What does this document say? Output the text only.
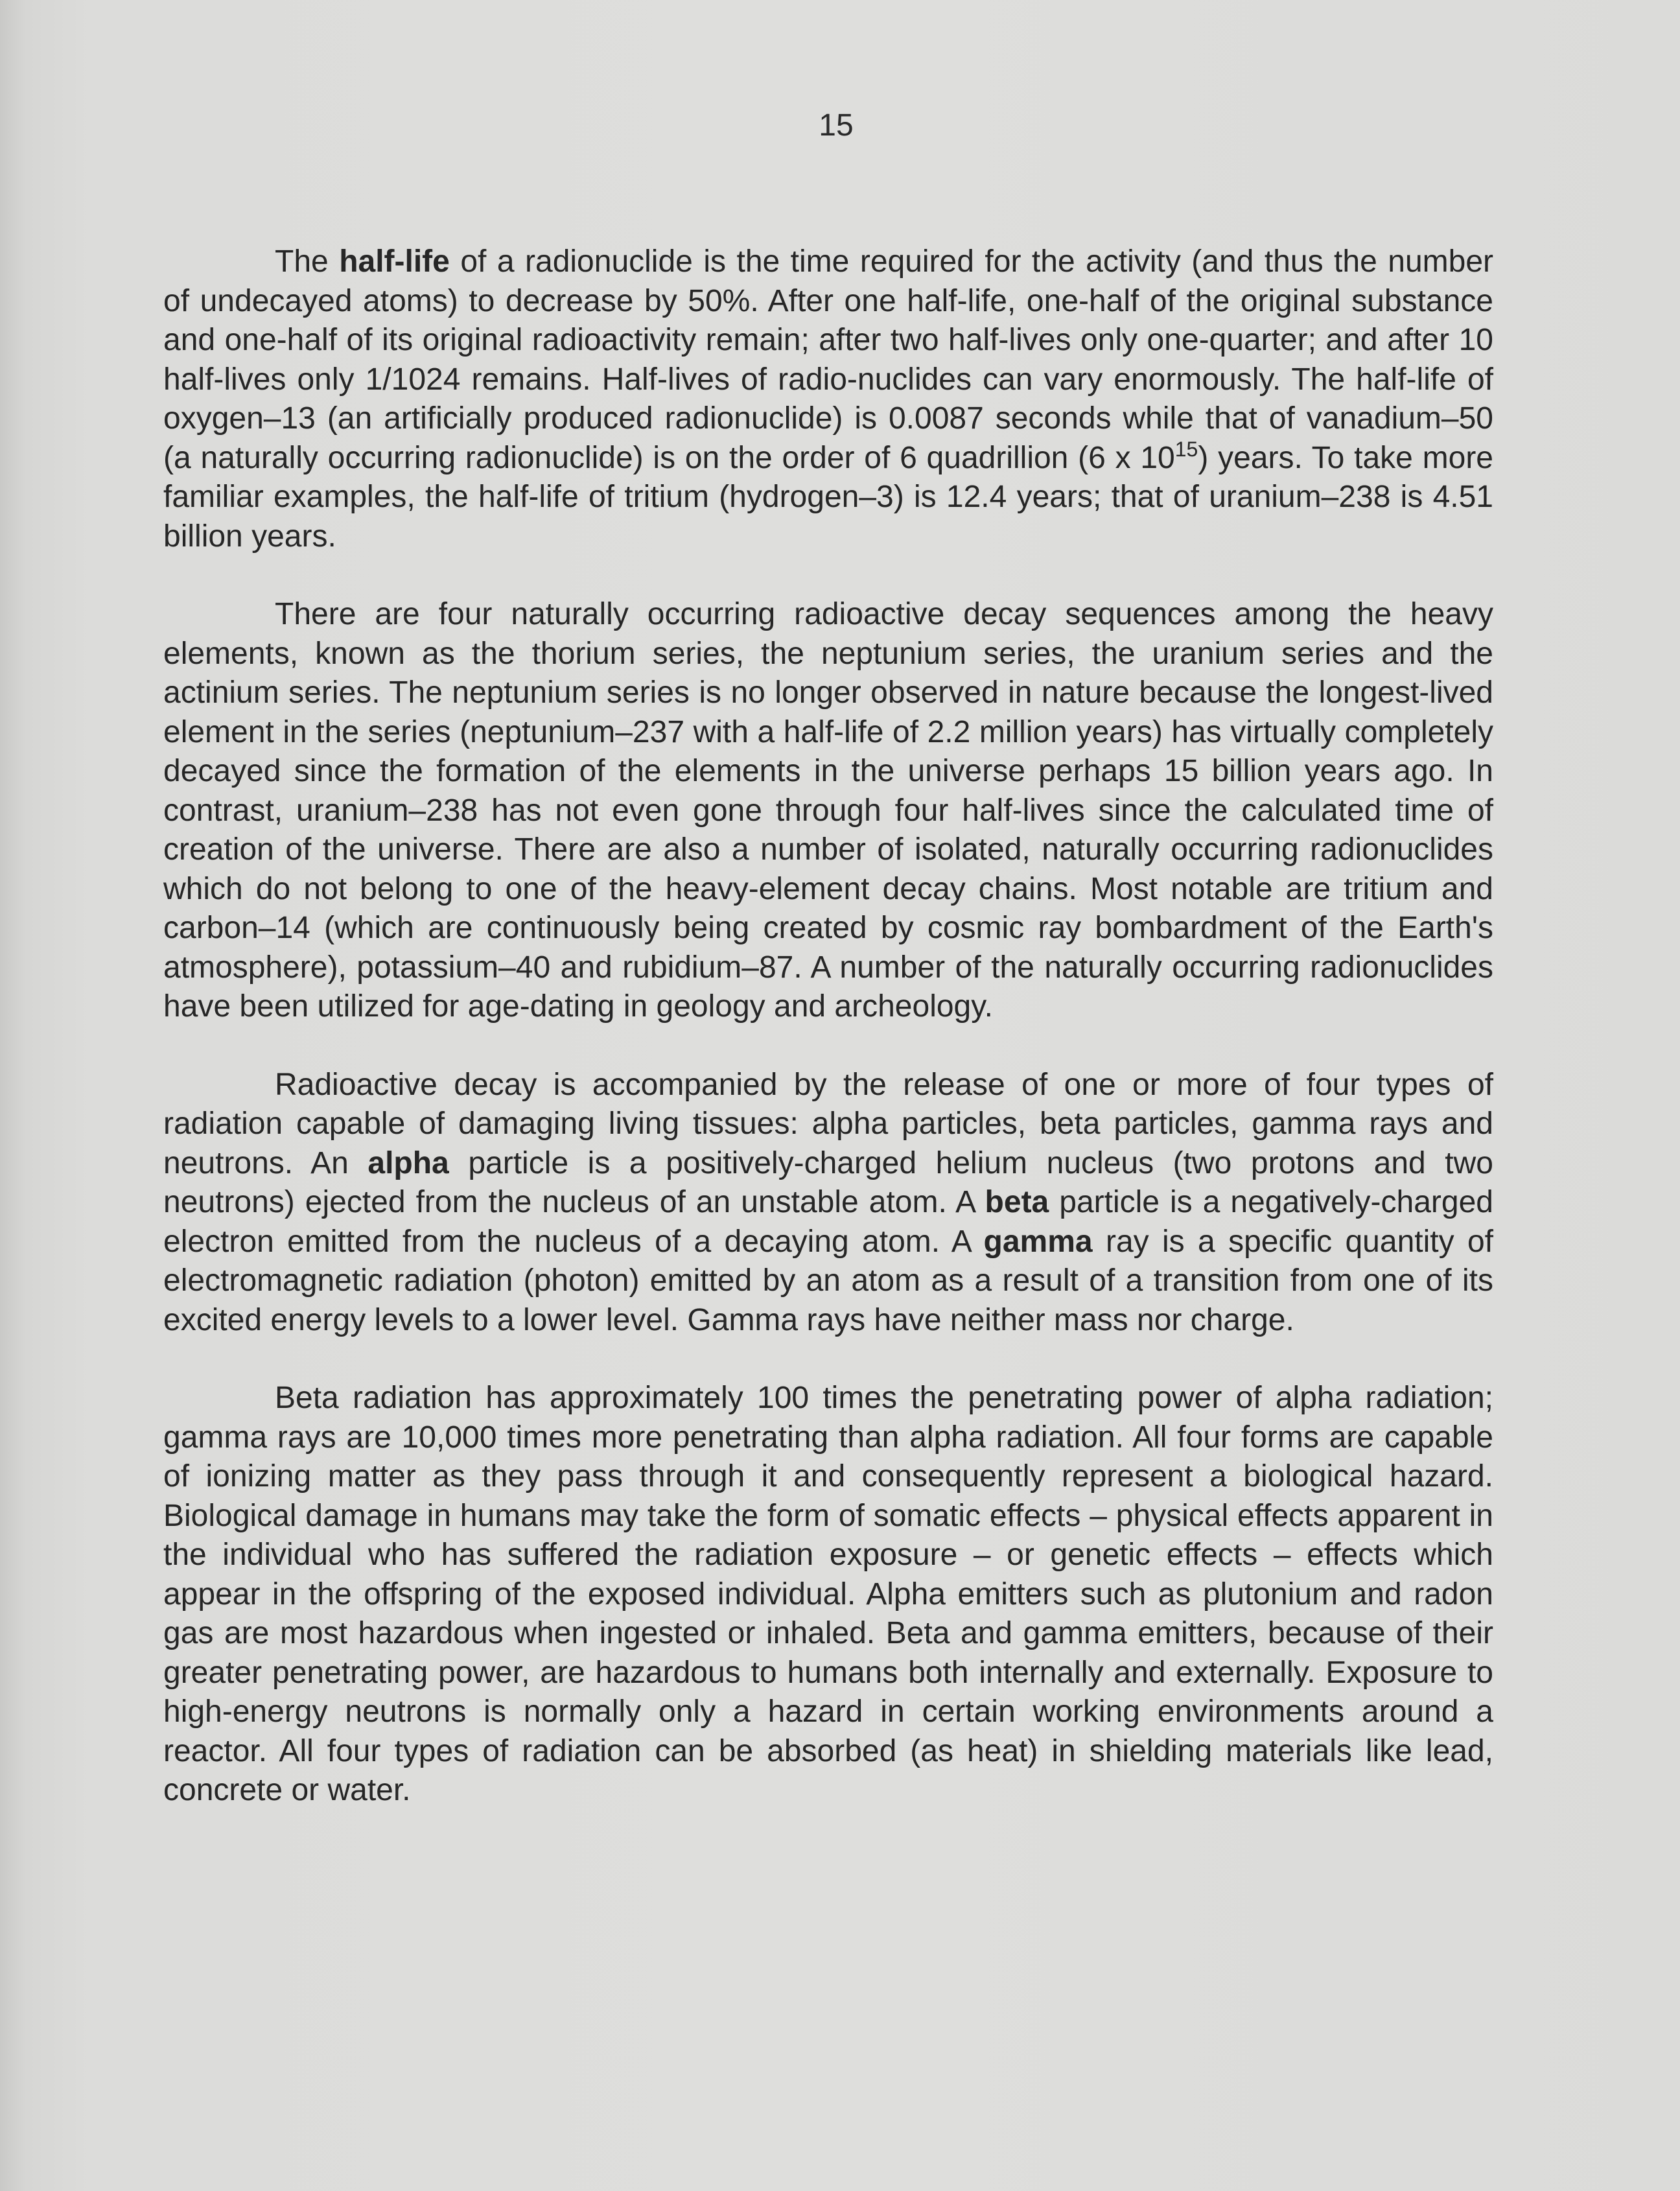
15

The half-life of a radionuclide is the time required for the activity (and thus the number of undecayed atoms) to decrease by 50%. After one half-life, one-half of the original substance and one-half of its original radioactivity remain; after two half-lives only one-quarter; and after 10 half-lives only 1/1024 remains. Half-lives of radio-nuclides can vary enormously. The half-life of oxygen–13 (an artificially produced radionuclide) is 0.0087 seconds while that of vanadium–50 (a naturally occurring radionuclide) is on the order of 6 quadrillion (6 x $10^{15}$) years. To take more familiar examples, the half-life of tritium (hydrogen–3) is 12.4 years; that of uranium–238 is 4.51 billion years.

There are four naturally occurring radioactive decay sequences among the heavy elements, known as the thorium series, the neptunium series, the uranium series and the actinium series. The neptunium series is no longer observed in nature because the longest-lived element in the series (neptunium–237 with a half-life of 2.2 million years) has virtually completely decayed since the formation of the elements in the universe perhaps 15 billion years ago. In contrast, uranium–238 has not even gone through four half-lives since the calculated time of creation of the universe. There are also a number of isolated, naturally occurring radionuclides which do not belong to one of the heavy-element decay chains. Most notable are tritium and carbon–14 (which are continuously being created by cosmic ray bombardment of the Earth's atmosphere), potassium–40 and rubidium–87. A number of the naturally occurring radionuclides have been utilized for age-dating in geology and archeology.

Radioactive decay is accompanied by the release of one or more of four types of radiation capable of damaging living tissues: alpha particles, beta particles, gamma rays and neutrons. An alpha particle is a positively-charged helium nucleus (two protons and two neutrons) ejected from the nucleus of an unstable atom. A beta particle is a negatively-charged electron emitted from the nucleus of a decaying atom. A gamma ray is a specific quantity of electromagnetic radiation (photon) emitted by an atom as a result of a transition from one of its excited energy levels to a lower level. Gamma rays have neither mass nor charge.

Beta radiation has approximately 100 times the penetrating power of alpha radiation; gamma rays are 10,000 times more penetrating than alpha radiation. All four forms are capable of ionizing matter as they pass through it and consequently represent a biological hazard. Biological damage in humans may take the form of somatic effects – physical effects apparent in the individual who has suffered the radiation exposure – or genetic effects – effects which appear in the offspring of the exposed individual. Alpha emitters such as plutonium and radon gas are most hazardous when ingested or inhaled. Beta and gamma emitters, because of their greater penetrating power, are hazardous to humans both internally and externally. Exposure to high-energy neutrons is normally only a hazard in certain working environments around a reactor. All four types of radiation can be absorbed (as heat) in shielding materials like lead, concrete or water.
